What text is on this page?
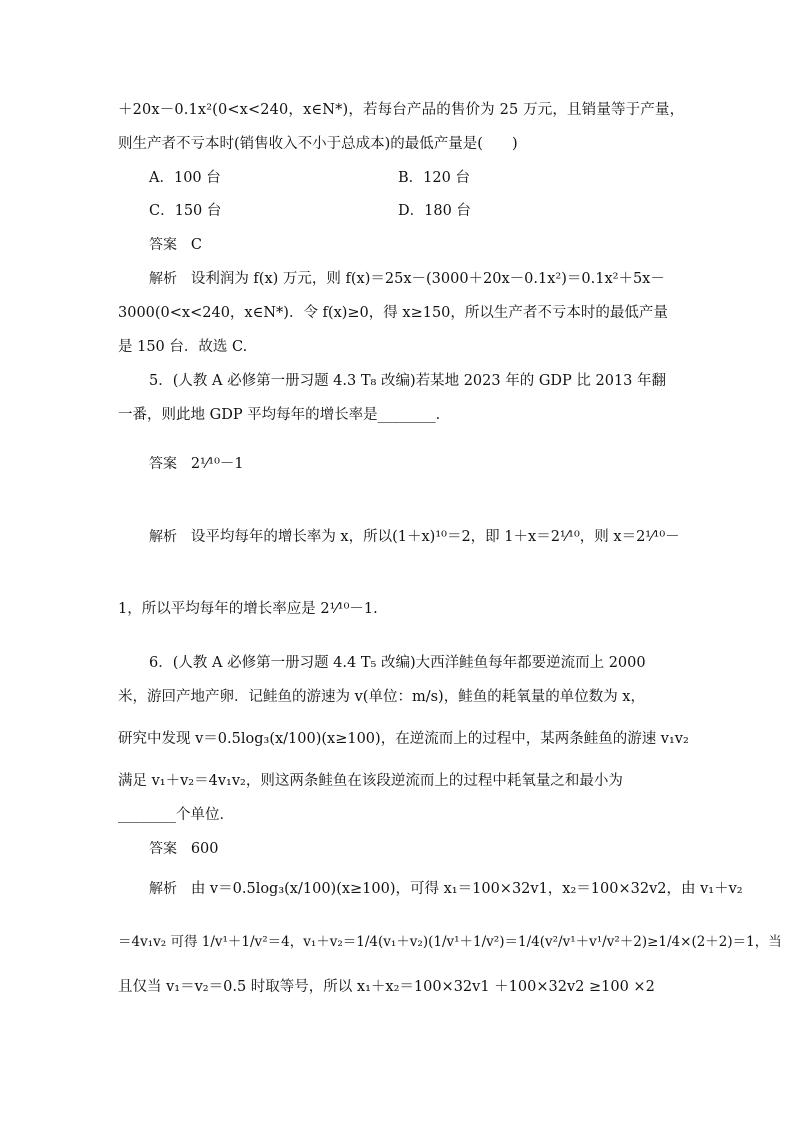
＋20x－0.1x²(0<x<240，x∈N*)，若每台产品的售价为 25 万元，且销量等于产量，
则生产者不亏本时(销售收入不小于总成本)的最低产量是(　　)
A．100 台	B．120 台
C．150 台	D．180 台
答案 C
解析 设利润为 f(x) 万元，则 f(x)＝25x－(3000＋20x－0.1x²)＝0.1x²＋5x－
3000(0<x<240，x∈N*)．令 f(x)≥0，得 x≥150，所以生产者不亏本时的最低产量
是 150 台．故选 C.
5．(人教 A 必修第一册习题 4.3 T₈ 改编)若某地 2023 年的 GDP 比 2013 年翻
一番，则此地 GDP 平均每年的增长率是________．
答案 2¹⁄¹⁰－1
解析 设平均每年的增长率为 x，所以(1＋x)¹⁰＝2，即 1＋x＝2¹⁄¹⁰，则 x＝2¹⁄¹⁰－
1，所以平均每年的增长率应是 2¹⁄¹⁰－1.
6．(人教 A 必修第一册习题 4.4 T₅ 改编)大西洋鲑鱼每年都要逆流而上 2000
米，游回产地产卵．记鲑鱼的游速为 v(单位：m/s)，鲑鱼的耗氧量的单位数为 x，
研究中发现 v＝0.5log₃(x/100)(x≥100)，在逆流而上的过程中，某两条鲑鱼的游速 v₁v₂
满足 v₁＋v₂＝4v₁v₂，则这两条鲑鱼在该段逆流而上的过程中耗氧量之和最小为
________个单位．
答案 600
解析 由 v＝0.5log₃(x/100)(x≥100)，可得 x₁＝100×32v1，x₂＝100×32v2，由 v₁＋v₂
＝4v₁v₂ 可得 1/v¹＋1/v²＝4，v₁＋v₂＝1/4(v₁＋v₂)(1/v¹＋1/v²)＝1/4(v²/v¹＋v¹/v²＋2)≥1/4×(2＋2)＝1，当
且仅当 v₁＝v₂＝0.5 时取等号，所以 x₁＋x₂＝100×32v1 ＋100×32v2 ≥100 ×2
